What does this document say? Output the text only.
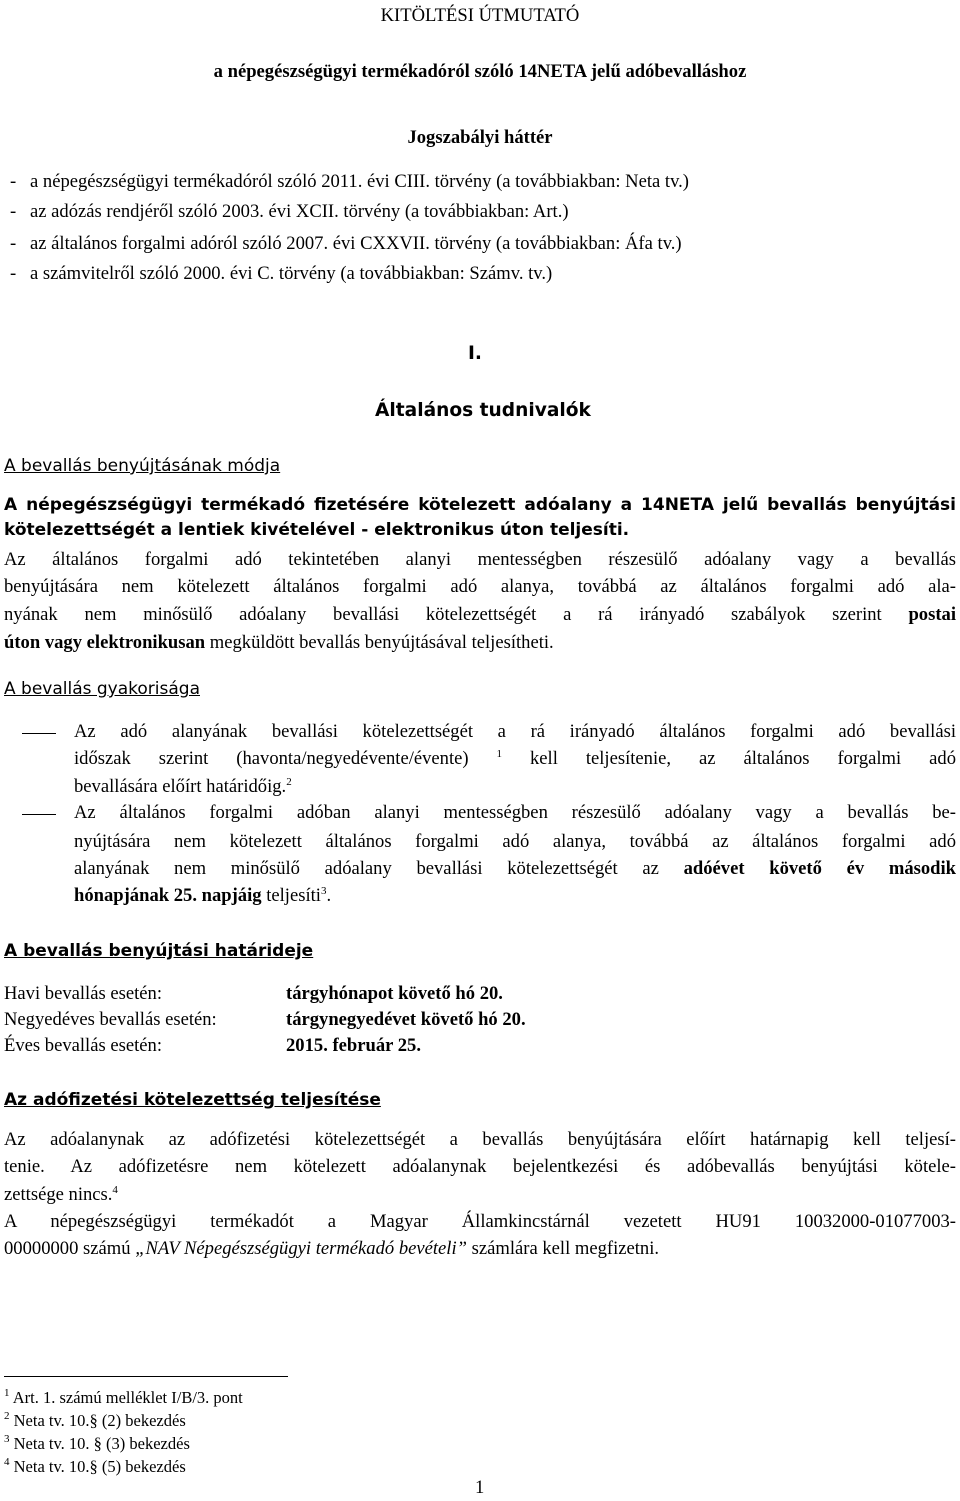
KITÖLTÉSI ÚTMUTATÓ
a népegészségügyi termékadóról szóló 14NETA jelű adóbevalláshoz
Jogszabályi háttér
- a népegészségügyi termékadóról szóló 2011. évi CIII. törvény (a továbbiakban: Neta tv.)
- az adózás rendjéről szóló 2003. évi XCII. törvény (a továbbiakban: Art.)
- az általános forgalmi adóról szóló 2007. évi CXXVII. törvény (a továbbiakban: Áfa tv.)
- a számvitelről szóló 2000. évi C. törvény (a továbbiakban: Számv. tv.)
I.
Általános tudnivalók
A bevallás benyújtásának módja
A népegészségügyi termékadó fizetésére kötelezett adóalany a 14NETA jelű bevallás benyújtási kötelezettségét a lentiek kivételével - elektronikus úton teljesíti.
Az általános forgalmi adó tekintetében alanyi mentességben részesülő adóalany vagy a bevallás
benyújtására nem kötelezett általános forgalmi adó alanya, továbbá az általános forgalmi adó ala-
nyának nem minősülő adóalany bevallási kötelezettségét a rá irányadó szabályok szerint postai
úton vagy elektronikusan megküldött bevallás benyújtásával teljesítheti.
A bevallás gyakorisága
Az adó alanyának bevallási kötelezettségét a rá irányadó általános forgalmi adó bevallási
időszak szerint (havonta/negyedévente/évente) $^1$ kell teljesítenie, az általános forgalmi adó
bevallására előírt határidőig.$^2$
Az általános forgalmi adóban alanyi mentességben részesülő adóalany vagy a bevallás be-
nyújtására nem kötelezett általános forgalmi adó alanya, továbbá az általános forgalmi adó
alanyának nem minősülő adóalany bevallási kötelezettségét az adóévet követő év második
hónapjának 25. napjáig teljesíti$^3$.
A bevallás benyújtási határideje
Havi bevallás esetén:	tárgyhónapot követő hó 20.
Negyedéves bevallás esetén:	tárgynegyedévet követő hó 20.
Éves bevallás esetén:	2015. február 25.
Az adófizetési kötelezettség teljesítése
Az adóalanynak az adófizetési kötelezettségét a bevallás benyújtására előírt határnapig kell teljesí-
tenie. Az adófizetésre nem kötelezett adóalanynak bejelentkezési és adóbevallás benyújtási kötele-
zettsége nincs.$^4$
A népegészségügyi termékadót a Magyar Államkincstárnál vezetett HU91 10032000-01077003-
00000000 számú „NAV Népegészségügyi termékadó bevételi” számlára kell megfizetni.
$^1$ Art. 1. számú melléklet I/B/3. pont
$^2$ Neta tv. 10.§ (2) bekezdés
$^3$ Neta tv. 10. § (3) bekezdés
$^4$ Neta tv. 10.§ (5) bekezdés
1
